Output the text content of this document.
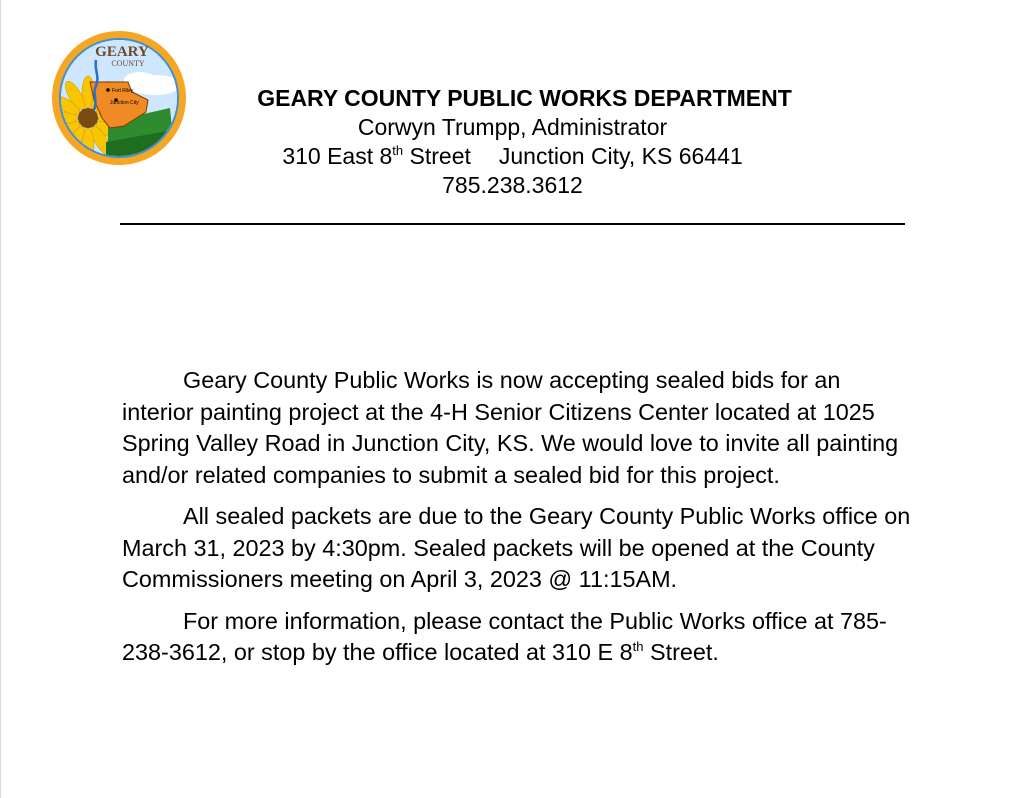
GEARY
COUNTY
Fort Riley
Junction City	GEARY COUNTY PUBLIC WORKS DEPARTMENT
Corwyn Trumpp, Administrator
310 East 8th Street Junction City, KS 66441
785.238.3612

Geary County Public Works is now accepting sealed bids for an interior painting project at the 4-H Senior Citizens Center located at 1025 Spring Valley Road in Junction City, KS. We would love to invite all painting and/or related companies to submit a sealed bid for this project.

All sealed packets are due to the Geary County Public Works office on March 31, 2023 by 4:30pm. Sealed packets will be opened at the County Commissioners meeting on April 3, 2023 @ 11:15AM.

For more information, please contact the Public Works office at 785-238-3612, or stop by the office located at 310 E 8th Street.
